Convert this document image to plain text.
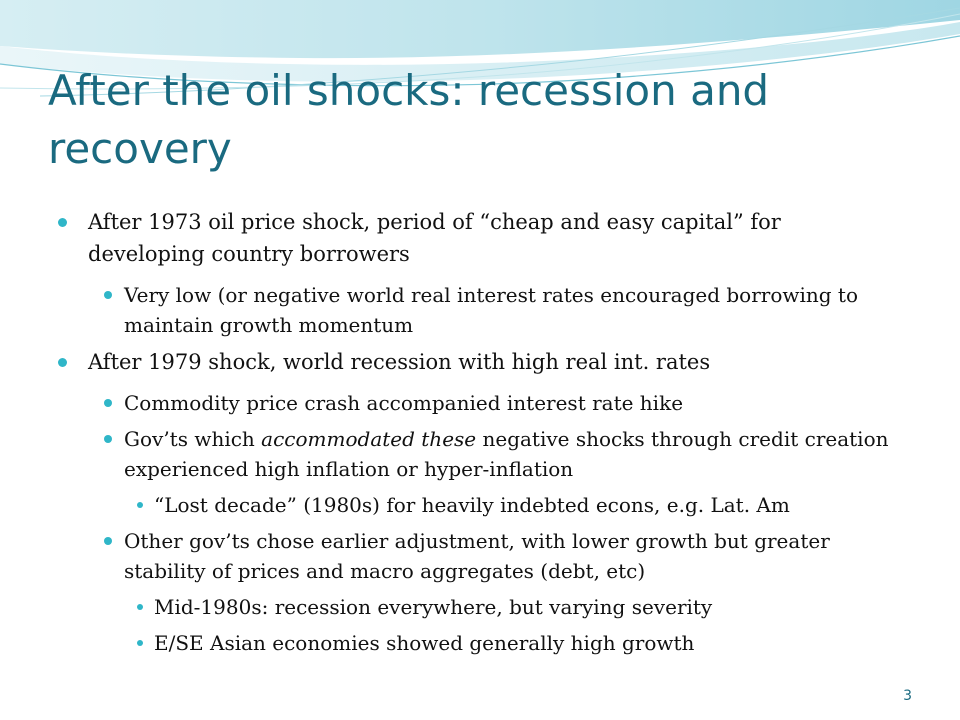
After the oil shocks: recession and recovery

After 1973 oil price shock, period of “cheap and easy capital” for developing country borrowers

Very low (or negative world real interest rates encouraged borrowing to maintain growth momentum

After 1979 shock, world recession with high real int. rates

Commodity price crash accompanied interest rate hike

Gov’ts which accommodated these negative shocks through credit creation experienced high inflation or hyper-inflation

“Lost decade” (1980s) for heavily indebted econs, e.g. Lat. Am

Other gov’ts chose earlier adjustment, with lower growth but greater stability of prices and macro aggregates (debt, etc)

Mid-1980s: recession everywhere, but varying severity

E/SE Asian economies showed generally high growth

3
